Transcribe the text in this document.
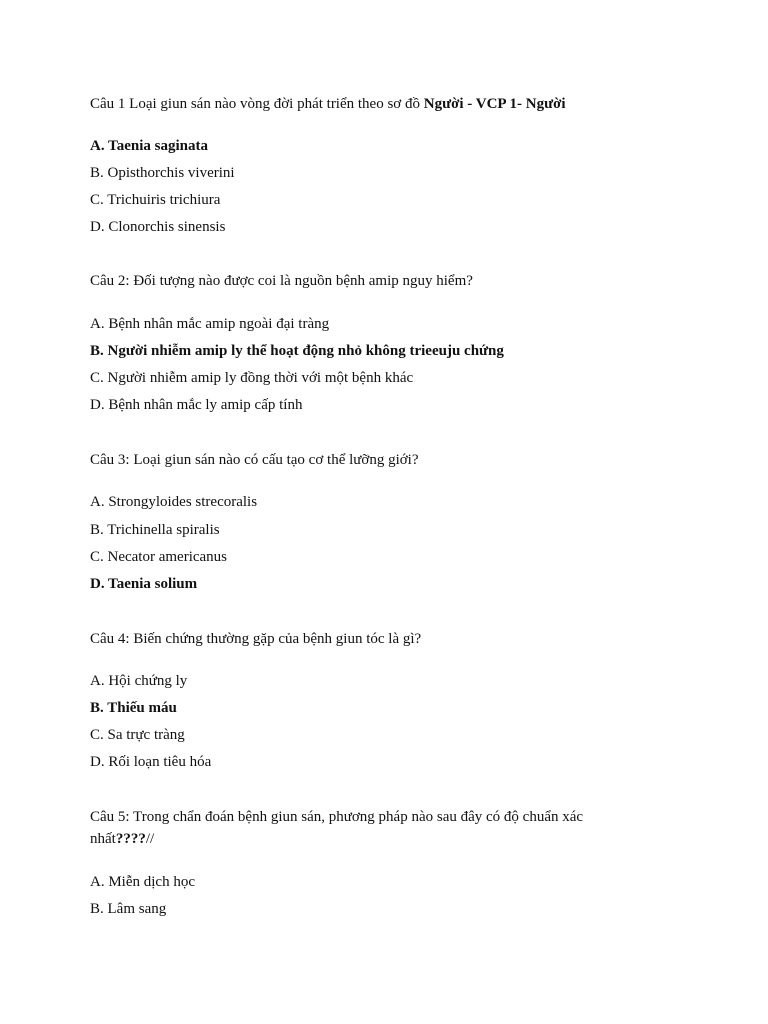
Câu 1 Loại giun sán nào vòng đời phát triển theo sơ đồ Người - VCP 1- Người
A. Taenia saginata
B. Opisthorchis viverini
C. Trichuiris trichiura
D. Clonorchis sinensis
Câu 2: Đối tượng nào được coi là nguồn bệnh amip nguy hiểm?
A. Bệnh nhân mắc amip ngoài đại tràng
B. Người nhiễm amip ly thể hoạt động nhỏ không trieeuju chứng
C. Người nhiễm amip ly đồng thời với một bệnh khác
D. Bệnh nhân mắc ly amip cấp tính
Câu 3: Loại giun sán nào có cấu tạo cơ thể lưỡng giới?
A. Strongyloides strecoralis
B. Trichinella spiralis
C. Necator americanus
D. Taenia solium
Câu 4: Biến chứng thường gặp của bệnh giun tóc là gì?
A. Hội chứng ly
B. Thiếu máu
C. Sa trực tràng
D. Rối loạn tiêu hóa
Câu 5: Trong chẩn đoán bệnh giun sán, phương pháp nào sau đây có độ chuẩn xác
nhất????//
A. Miễn dịch học
B. Lâm sang
